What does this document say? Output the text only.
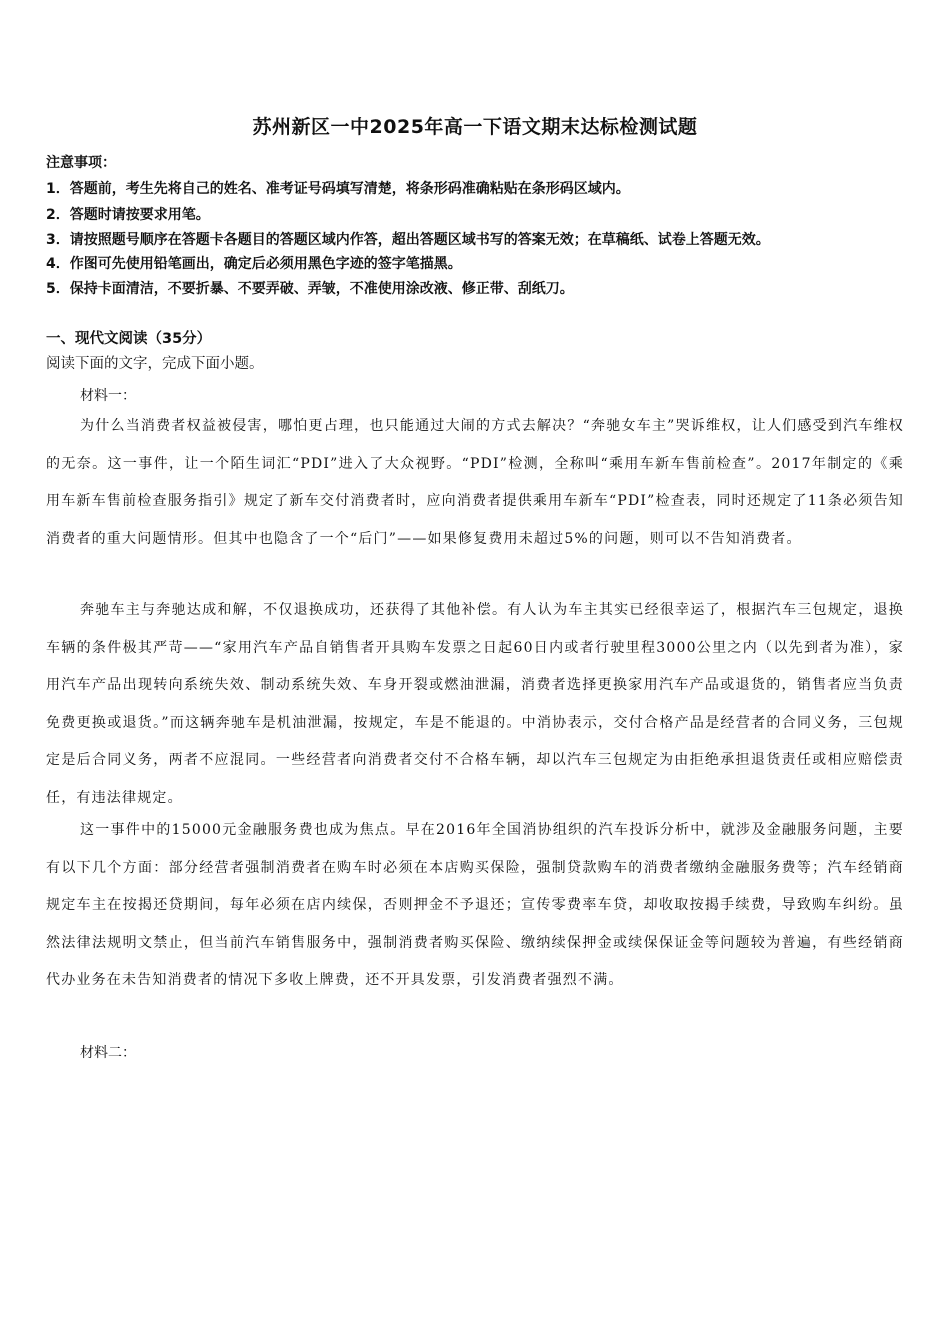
苏州新区一中2025年高一下语文期末达标检测试题
注意事项：
1．答题前，考生先将自己的姓名、准考证号码填写清楚，将条形码准确粘贴在条形码区域内。
2．答题时请按要求用笔。
3．请按照题号顺序在答题卡各题目的答题区域内作答，超出答题区域书写的答案无效；在草稿纸、试卷上答题无效。
4．作图可先使用铅笔画出，确定后必须用黑色字迹的签字笔描黑。
5．保持卡面清洁，不要折暴、不要弄破、弄皱，不准使用涂改液、修正带、刮纸刀。
一、现代文阅读（35分）
阅读下面的文字，完成下面小题。
材料一：
为什么当消费者权益被侵害，哪怕更占理，也只能通过大闹的方式去解决？“奔驰女车主”哭诉维权，让人们感受到汽车维权的无奈。这一事件，让一个陌生词汇“PDI”进入了大众视野。“PDI”检测，全称叫“乘用车新车售前检查”。2017年制定的《乘用车新车售前检查服务指引》规定了新车交付消费者时，应向消费者提供乘用车新车“PDI”检查表，同时还规定了11条必须告知消费者的重大问题情形。但其中也隐含了一个“后门”——如果修复费用未超过5%的问题，则可以不告知消费者。
奔驰车主与奔驰达成和解，不仅退换成功，还获得了其他补偿。有人认为车主其实已经很幸运了，根据汽车三包规定，退换车辆的条件极其严苛——“家用汽车产品自销售者开具购车发票之日起60日内或者行驶里程3000公里之内（以先到者为准），家用汽车产品出现转向系统失效、制动系统失效、车身开裂或燃油泄漏，消费者选择更换家用汽车产品或退货的，销售者应当负责免费更换或退货。”而这辆奔驰车是机油泄漏，按规定，车是不能退的。中消协表示，交付合格产品是经营者的合同义务，三包规定是后合同义务，两者不应混同。一些经营者向消费者交付不合格车辆，却以汽车三包规定为由拒绝承担退货责任或相应赔偿责任，有违法律规定。
这一事件中的15000元金融服务费也成为焦点。早在2016年全国消协组织的汽车投诉分析中，就涉及金融服务问题，主要有以下几个方面：部分经营者强制消费者在购车时必须在本店购买保险，强制贷款购车的消费者缴纳金融服务费等；汽车经销商规定车主在按揭还贷期间，每年必须在店内续保，否则押金不予退还；宣传零费率车贷，却收取按揭手续费，导致购车纠纷。虽然法律法规明文禁止，但当前汽车销售服务中，强制消费者购买保险、缴纳续保押金或续保保证金等问题较为普遍，有些经销商代办业务在未告知消费者的情况下多收上牌费，还不开具发票，引发消费者强烈不满。
材料二：
